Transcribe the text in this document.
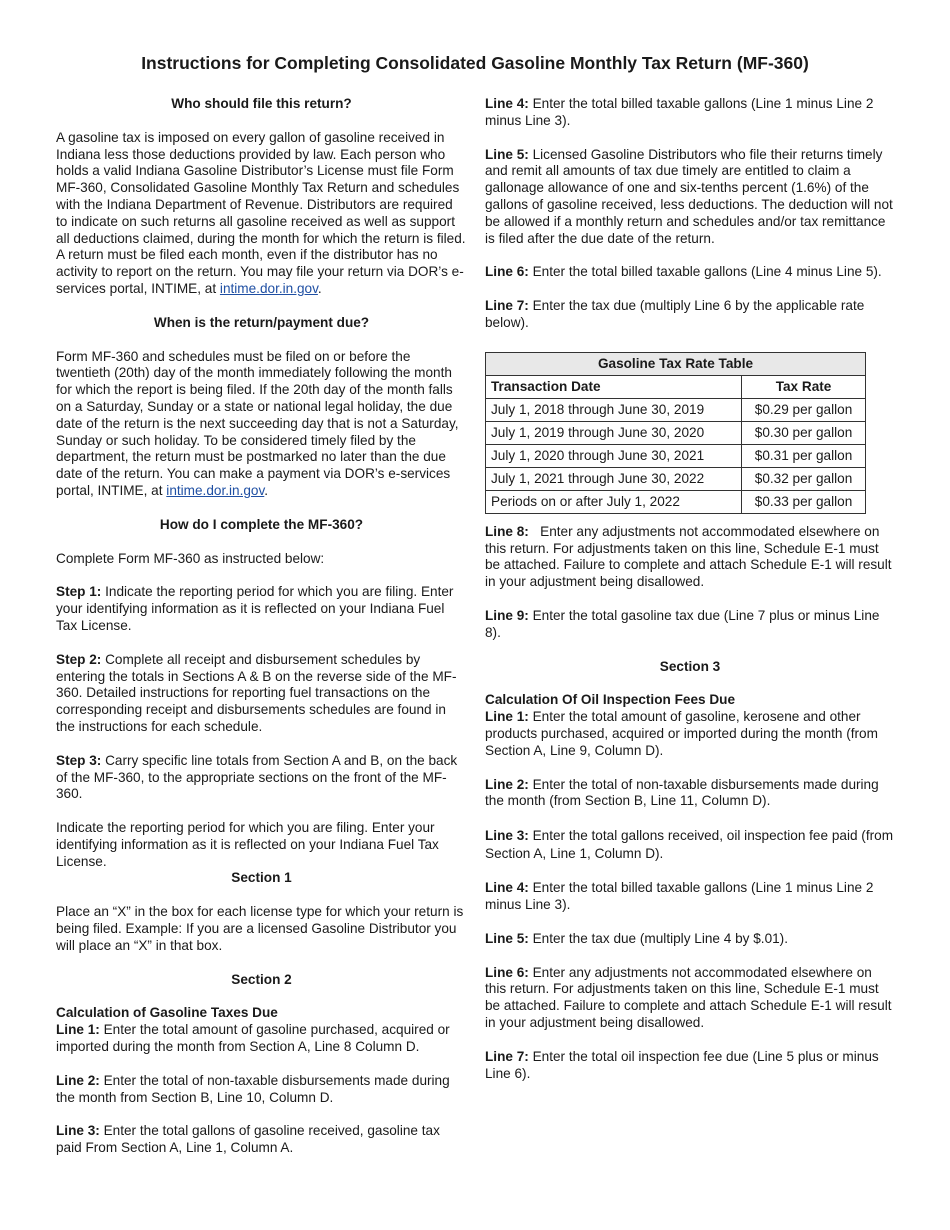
Instructions for Completing Consolidated Gasoline Monthly Tax Return (MF-360)

Who should file this return?

A gasoline tax is imposed on every gallon of gasoline received in Indiana less those deductions provided by law. Each person who holds a valid Indiana Gasoline Distributor’s License must file Form MF-360, Consolidated Gasoline Monthly Tax Return and schedules with the Indiana Department of Revenue. Distributors are required to indicate on such returns all gasoline received as well as support all deductions claimed, during the month for which the return is filed. A return must be filed each month, even if the distributor has no activity to report on the return. You may file your return via DOR’s e-services portal, INTIME, at intime.dor.in.gov.

When is the return/payment due?

Form MF-360 and schedules must be filed on or before the twentieth (20th) day of the month immediately following the month for which the report is being filed. If the 20th day of the month falls on a Saturday, Sunday or a state or national legal holiday, the due date of the return is the next succeeding day that is not a Saturday, Sunday or such holiday. To be considered timely filed by the department, the return must be postmarked no later than the due date of the return. You can make a payment via DOR’s e-services portal, INTIME, at intime.dor.in.gov.

How do I complete the MF-360?

Complete Form MF-360 as instructed below:

Step 1: Indicate the reporting period for which you are filing. Enter your identifying information as it is reflected on your Indiana Fuel Tax License.

Step 2: Complete all receipt and disbursement schedules by entering the totals in Sections A & B on the reverse side of the MF-360. Detailed instructions for reporting fuel transactions on the corresponding receipt and disbursements schedules are found in the instructions for each schedule.

Step 3: Carry specific line totals from Section A and B, on the back of the MF-360, to the appropriate sections on the front of the MF-360.

Indicate the reporting period for which you are filing. Enter your identifying information as it is reflected on your Indiana Fuel Tax License.

Section 1

Place an “X” in the box for each license type for which your return is being filed. Example: If you are a licensed Gasoline Distributor you will place an “X” in that box.

Section 2

Calculation of Gasoline Taxes Due

Line 1: Enter the total amount of gasoline purchased, acquired or imported during the month from Section A, Line 8 Column D.

Line 2: Enter the total of non-taxable disbursements made during the month from Section B, Line 10, Column D.

Line 3: Enter the total gallons of gasoline received, gasoline tax paid From Section A, Line 1, Column A.

Line 4: Enter the total billed taxable gallons (Line 1 minus Line 2 minus Line 3).

Line 5: Licensed Gasoline Distributors who file their returns timely and remit all amounts of tax due timely are entitled to claim a gallonage allowance of one and six-tenths percent (1.6%) of the gallons of gasoline received, less deductions. The deduction will not be allowed if a monthly return and schedules and/or tax remittance is filed after the due date of the return.

Line 6: Enter the total billed taxable gallons (Line 4 minus Line 5).

Line 7: Enter the tax due (multiply Line 6 by the applicable rate below).

Gasoline Tax Rate Table	
Transaction Date	Tax Rate
July 1, 2018 through June 30, 2019	$0.29 per gallon
July 1, 2019 through June 30, 2020	$0.30 per gallon
July 1, 2020 through June 30, 2021	$0.31 per gallon
July 1, 2021 through June 30, 2022	$0.32 per gallon
Periods on or after July 1, 2022	$0.33 per gallon

Line 8:   Enter any adjustments not accommodated elsewhere on this return. For adjustments taken on this line, Schedule E-1 must be attached. Failure to complete and attach Schedule E-1 will result in your adjustment being disallowed.

Line 9: Enter the total gasoline tax due (Line 7 plus or minus Line 8).

Section 3

Calculation Of Oil Inspection Fees Due

Line 1: Enter the total amount of gasoline, kerosene and other products purchased, acquired or imported during the month (from Section A, Line 9, Column D).

Line 2: Enter the total of non-taxable disbursements made during the month (from Section B, Line 11, Column D).

Line 3: Enter the total gallons received, oil inspection fee paid (from Section A, Line 1, Column D).

Line 4: Enter the total billed taxable gallons (Line 1 minus Line 2 minus Line 3).

Line 5: Enter the tax due (multiply Line 4 by $.01).

Line 6: Enter any adjustments not accommodated elsewhere on this return. For adjustments taken on this line, Schedule E-1 must be attached. Failure to complete and attach Schedule E-1 will result in your adjustment being disallowed.

Line 7: Enter the total oil inspection fee due (Line 5 plus or minus Line 6).
